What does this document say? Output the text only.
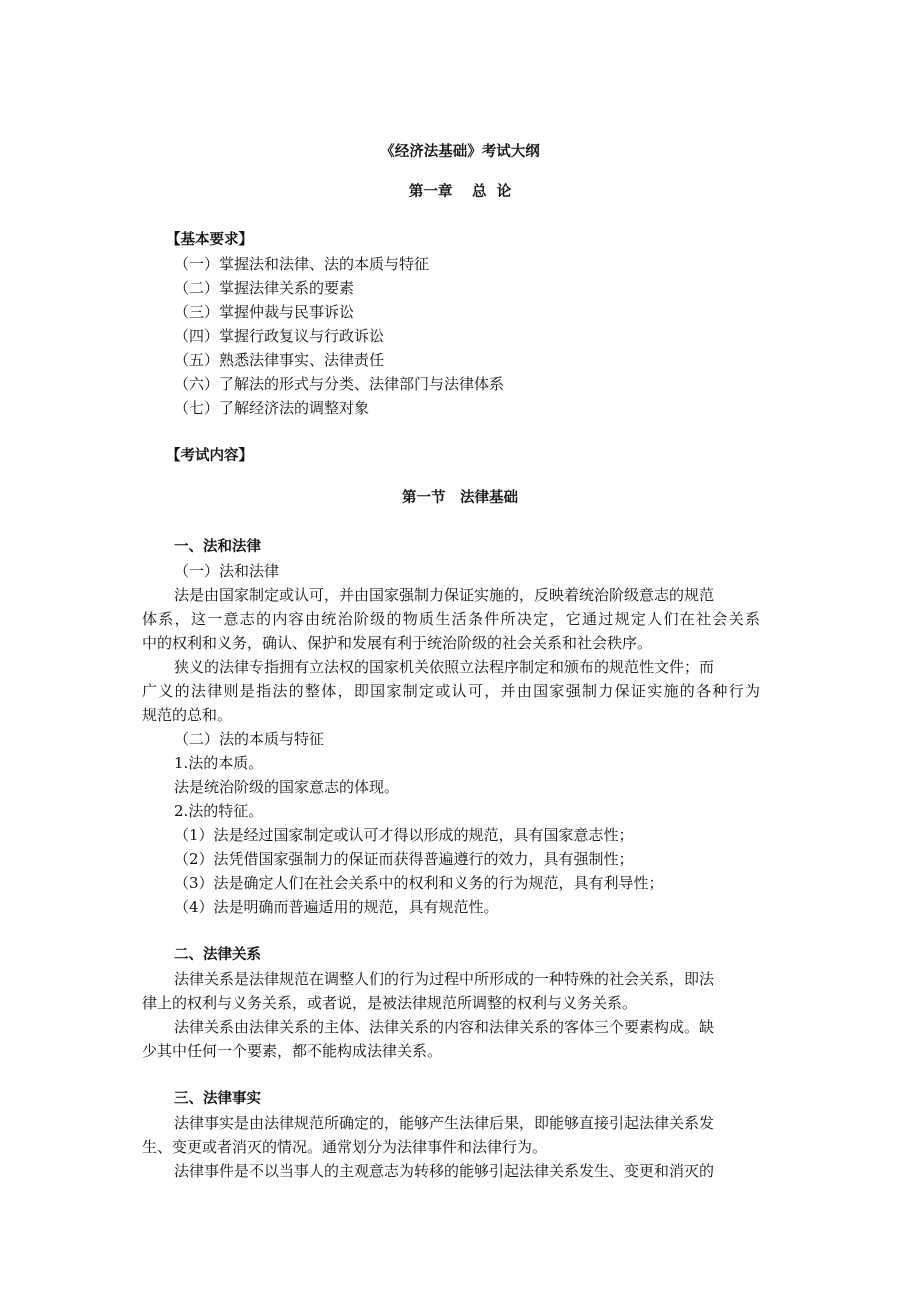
《经济法基础》考试大纲
第一章　 总  论
【基本要求】
（一）掌握法和法律、法的本质与特征
（二）掌握法律关系的要素
（三）掌握仲裁与民事诉讼
（四）掌握行政复议与行政诉讼
（五）熟悉法律事实、法律责任
（六）了解法的形式与分类、法律部门与法律体系
（七）了解经济法的调整对象
【考试内容】
第一节　法律基础
一、法和法律
（一）法和法律
法是由国家制定或认可，并由国家强制力保证实施的，反映着统治阶级意志的规范
体系，这一意志的内容由统治阶级的物质生活条件所决定，它通过规定人们在社会关系
中的权利和义务，确认、保护和发展有利于统治阶级的社会关系和社会秩序。
狭义的法律专指拥有立法权的国家机关依照立法程序制定和颁布的规范性文件；而
广义的法律则是指法的整体，即国家制定或认可，并由国家强制力保证实施的各种行为
规范的总和。
（二）法的本质与特征
1.法的本质。
法是统治阶级的国家意志的体现。
2.法的特征。
（1）法是经过国家制定或认可才得以形成的规范，具有国家意志性；
（2）法凭借国家强制力的保证而获得普遍遵行的效力，具有强制性；
（3）法是确定人们在社会关系中的权利和义务的行为规范，具有利导性；
（4）法是明确而普遍适用的规范，具有规范性。
二、法律关系
法律关系是法律规范在调整人们的行为过程中所形成的一种特殊的社会关系，即法
律上的权利与义务关系，或者说，是被法律规范所调整的权利与义务关系。
法律关系由法律关系的主体、法律关系的内容和法律关系的客体三个要素构成。缺
少其中任何一个要素，都不能构成法律关系。
三、法律事实
法律事实是由法律规范所确定的，能够产生法律后果，即能够直接引起法律关系发
生、变更或者消灭的情况。通常划分为法律事件和法律行为。
法律事件是不以当事人的主观意志为转移的能够引起法律关系发生、变更和消灭的
